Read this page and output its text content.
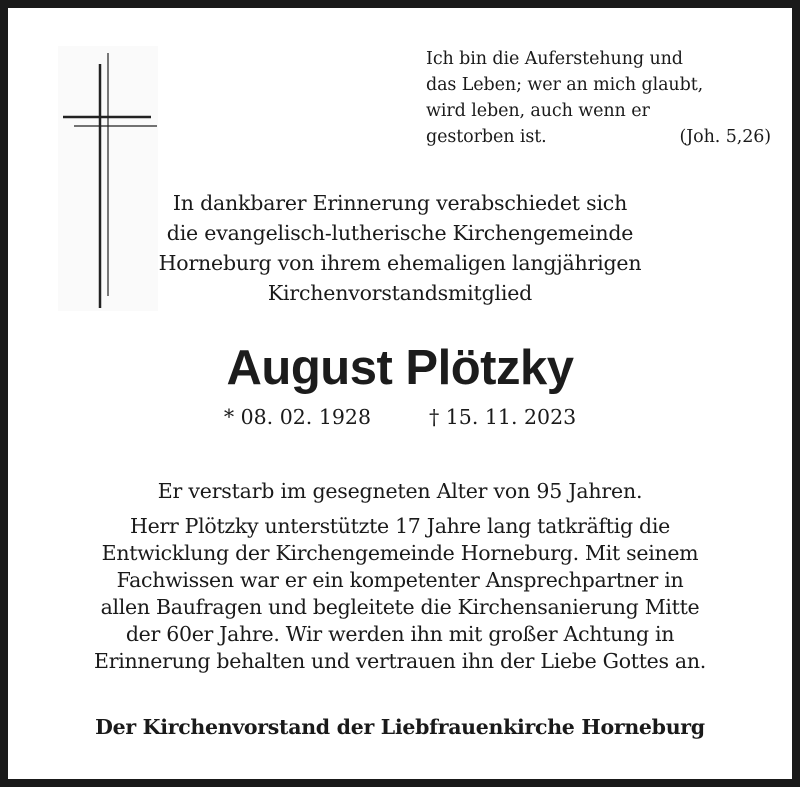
Ich bin die Auferstehung und
das Leben; wer an mich glaubt,
wird leben, auch wenn er
gestorben ist.	(Joh. 5,26)
In dankbarer Erinnerung verabschiedet sich
die evangelisch-lutherische Kirchengemeinde
Horneburg von ihrem ehemaligen langjährigen
Kirchenvorstandsmitglied
August Plötzky
* 08. 02. 1928	† 15. 11. 2023
Er verstarb im gesegneten Alter von 95 Jahren.
Herr Plötzky unterstützte 17 Jahre lang tatkräftig die
Entwicklung der Kirchengemeinde Horneburg. Mit seinem
Fachwissen war er ein kompetenter Ansprechpartner in
allen Baufragen und begleitete die Kirchensanierung Mitte
der 60er Jahre. Wir werden ihn mit großer Achtung in
Erinnerung behalten und vertrauen ihn der Liebe Gottes an.
Der Kirchenvorstand der Liebfrauenkirche Horneburg
